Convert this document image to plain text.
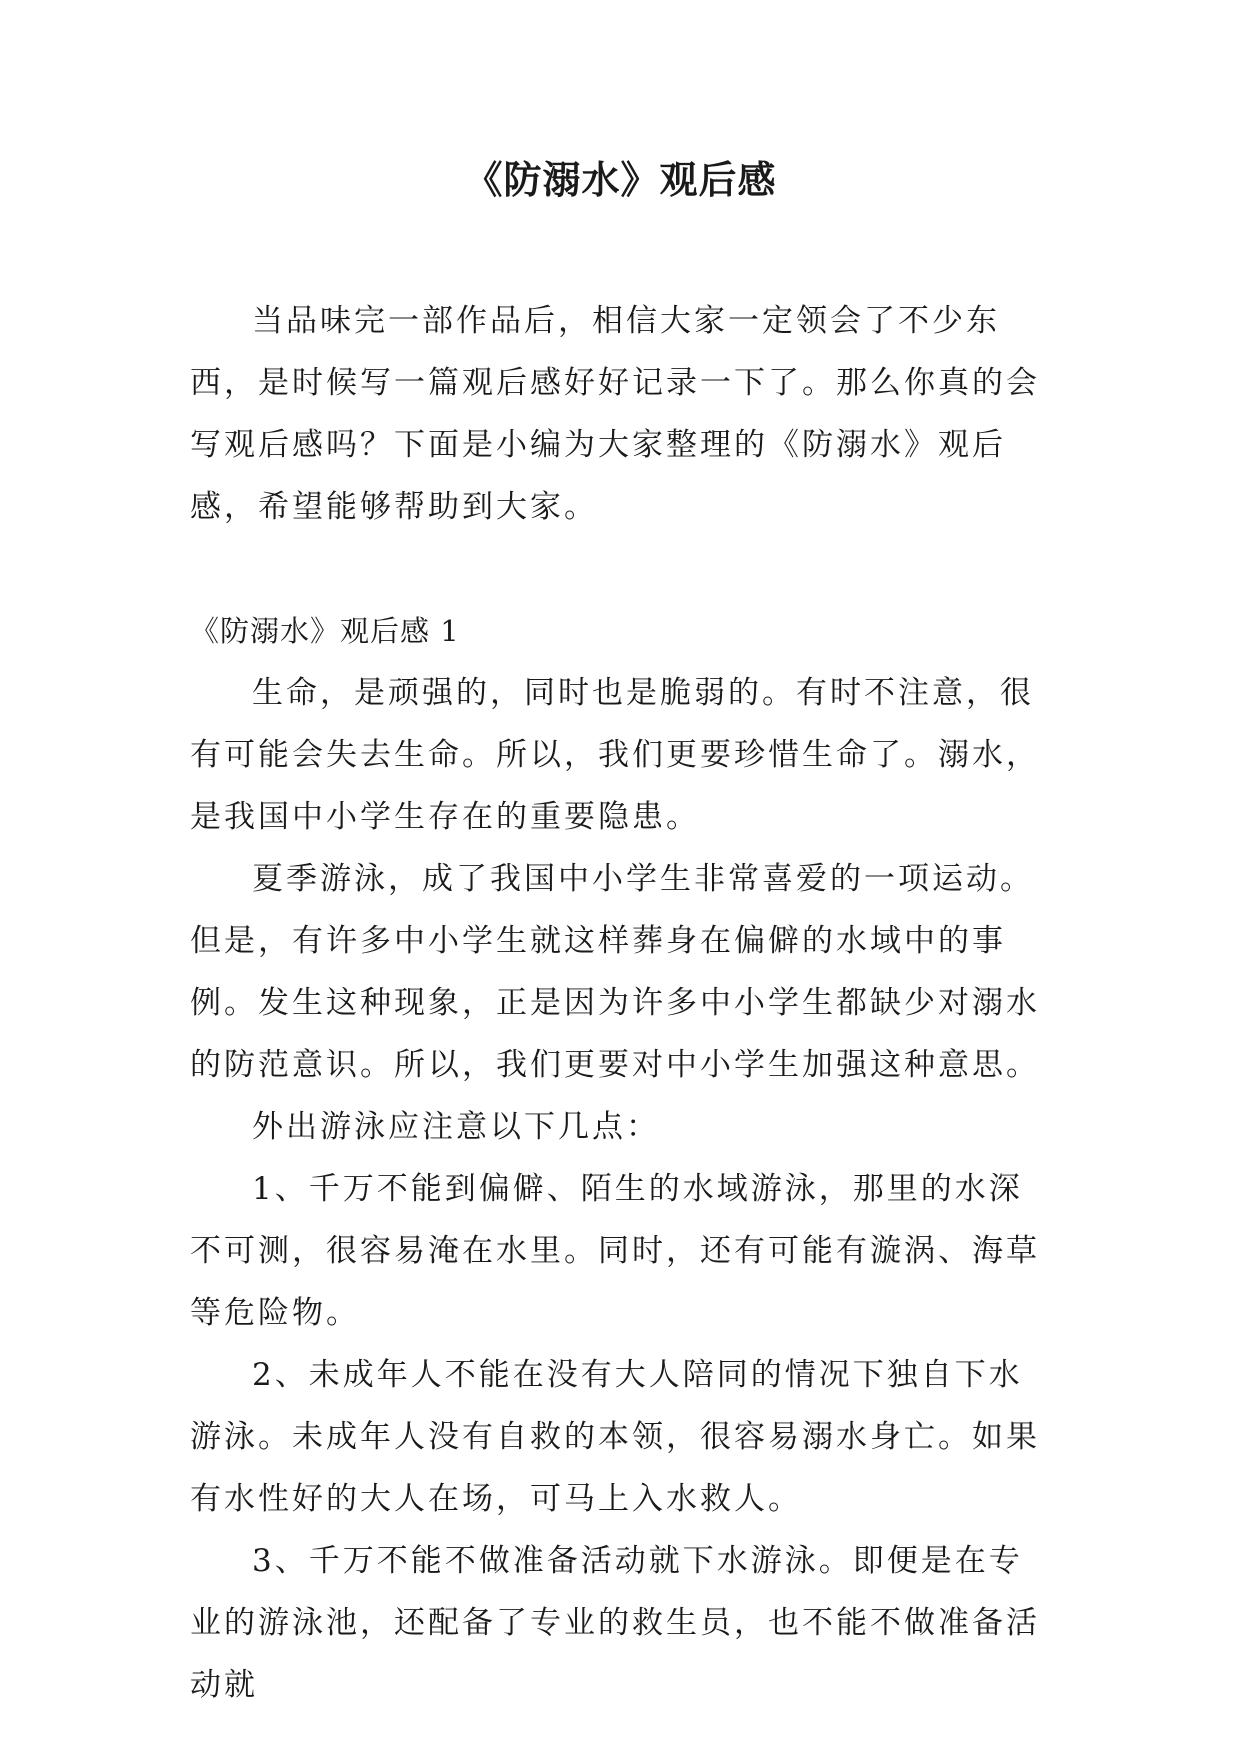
《防溺水》观后感

当品味完一部作品后，相信大家一定领会了不少东西，是时候写一篇观后感好好记录一下了。那么你真的会写观后感吗？下面是小编为大家整理的《防溺水》观后感，希望能够帮助到大家。

《防溺水》观后感 1

生命，是顽强的，同时也是脆弱的。有时不注意，很有可能会失去生命。所以，我们更要珍惜生命了。溺水，是我国中小学生存在的重要隐患。

夏季游泳，成了我国中小学生非常喜爱的一项运动。但是，有许多中小学生就这样葬身在偏僻的水域中的事例。发生这种现象，正是因为许多中小学生都缺少对溺水的防范意识。所以，我们更要对中小学生加强这种意思。

外出游泳应注意以下几点：

1、千万不能到偏僻、陌生的水域游泳，那里的水深不可测，很容易淹在水里。同时，还有可能有漩涡、海草等危险物。

2、未成年人不能在没有大人陪同的情况下独自下水游泳。未成年人没有自救的本领，很容易溺水身亡。如果有水性好的大人在场，可马上入水救人。

3、千万不能不做准备活动就下水游泳。即便是在专业的游泳池，还配备了专业的救生员，也不能不做准备活动就
